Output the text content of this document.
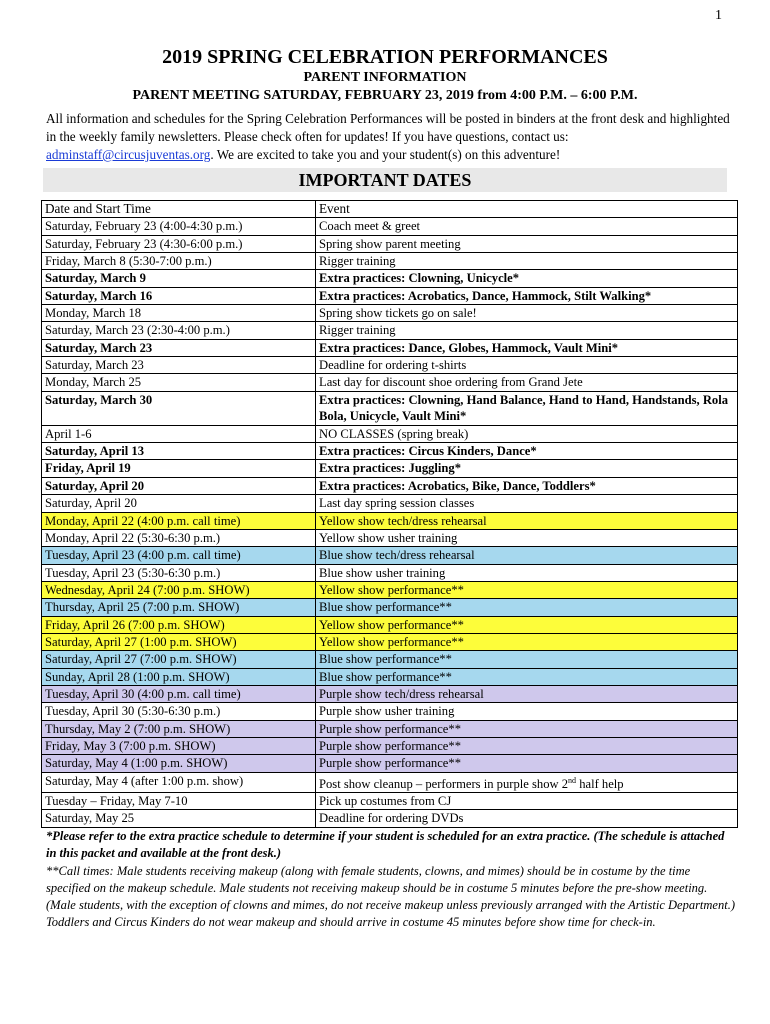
1
2019 SPRING CELEBRATION PERFORMANCES
PARENT INFORMATION
PARENT MEETING SATURDAY, FEBRUARY 23, 2019 from 4:00 P.M. – 6:00 P.M.
All information and schedules for the Spring Celebration Performances will be posted in binders at the front desk and highlighted in the weekly family newsletters. Please check often for updates! If you have questions, contact us: adminstaff@circusjuventas.org. We are excited to take you and your student(s) on this adventure!
IMPORTANT DATES
Date and Start Time	Event
Saturday, February 23 (4:00-4:30 p.m.)	Coach meet & greet
Saturday, February 23 (4:30-6:00 p.m.)	Spring show parent meeting
Friday, March 8 (5:30-7:00 p.m.)	Rigger training
Saturday, March 9	Extra practices: Clowning, Unicycle*
Saturday, March 16	Extra practices: Acrobatics, Dance, Hammock, Stilt Walking*
Monday, March 18	Spring show tickets go on sale!
Saturday, March 23 (2:30-4:00 p.m.)	Rigger training
Saturday, March 23	Extra practices: Dance, Globes, Hammock, Vault Mini*
Saturday, March 23	Deadline for ordering t-shirts
Monday, March 25	Last day for discount shoe ordering from Grand Jete
Saturday, March 30	Extra practices: Clowning, Hand Balance, Hand to Hand, Handstands, Rola Bola, Unicycle, Vault Mini*
April 1-6	NO CLASSES (spring break)
Saturday, April 13	Extra practices: Circus Kinders, Dance*
Friday, April 19	Extra practices: Juggling*
Saturday, April 20	Extra practices: Acrobatics, Bike, Dance, Toddlers*
Saturday, April 20	Last day spring session classes
Monday, April 22 (4:00 p.m. call time)	Yellow show tech/dress rehearsal
Monday, April 22 (5:30-6:30 p.m.)	Yellow show usher training
Tuesday, April 23 (4:00 p.m. call time)	Blue show tech/dress rehearsal
Tuesday, April 23 (5:30-6:30 p.m.)	Blue show usher training
Wednesday, April 24 (7:00 p.m. SHOW)	Yellow show performance**
Thursday, April 25 (7:00 p.m. SHOW)	Blue show performance**
Friday, April 26 (7:00 p.m. SHOW)	Yellow show performance**
Saturday, April 27 (1:00 p.m. SHOW)	Yellow show performance**
Saturday, April 27 (7:00 p.m. SHOW)	Blue show performance**
Sunday, April 28 (1:00 p.m. SHOW)	Blue show performance**
Tuesday, April 30 (4:00 p.m. call time)	Purple show tech/dress rehearsal
Tuesday, April 30 (5:30-6:30 p.m.)	Purple show usher training
Thursday, May 2 (7:00 p.m. SHOW)	Purple show performance**
Friday, May 3 (7:00 p.m. SHOW)	Purple show performance**
Saturday, May 4 (1:00 p.m. SHOW)	Purple show performance**
Saturday, May 4 (after 1:00 p.m. show)	Post show cleanup – performers in purple show 2nd half help
Tuesday – Friday, May 7-10	Pick up costumes from CJ
Saturday, May 25	Deadline for ordering DVDs
*Please refer to the extra practice schedule to determine if your student is scheduled for an extra practice. (The schedule is attached in this packet and available at the front desk.)
**Call times: Male students receiving makeup (along with female students, clowns, and mimes) should be in costume by the time specified on the makeup schedule. Male students not receiving makeup should be in costume 5 minutes before the pre-show meeting. (Male students, with the exception of clowns and mimes, do not receive makeup unless previously arranged with the Artistic Department.) Toddlers and Circus Kinders do not wear makeup and should arrive in costume 45 minutes before show time for check-in.
